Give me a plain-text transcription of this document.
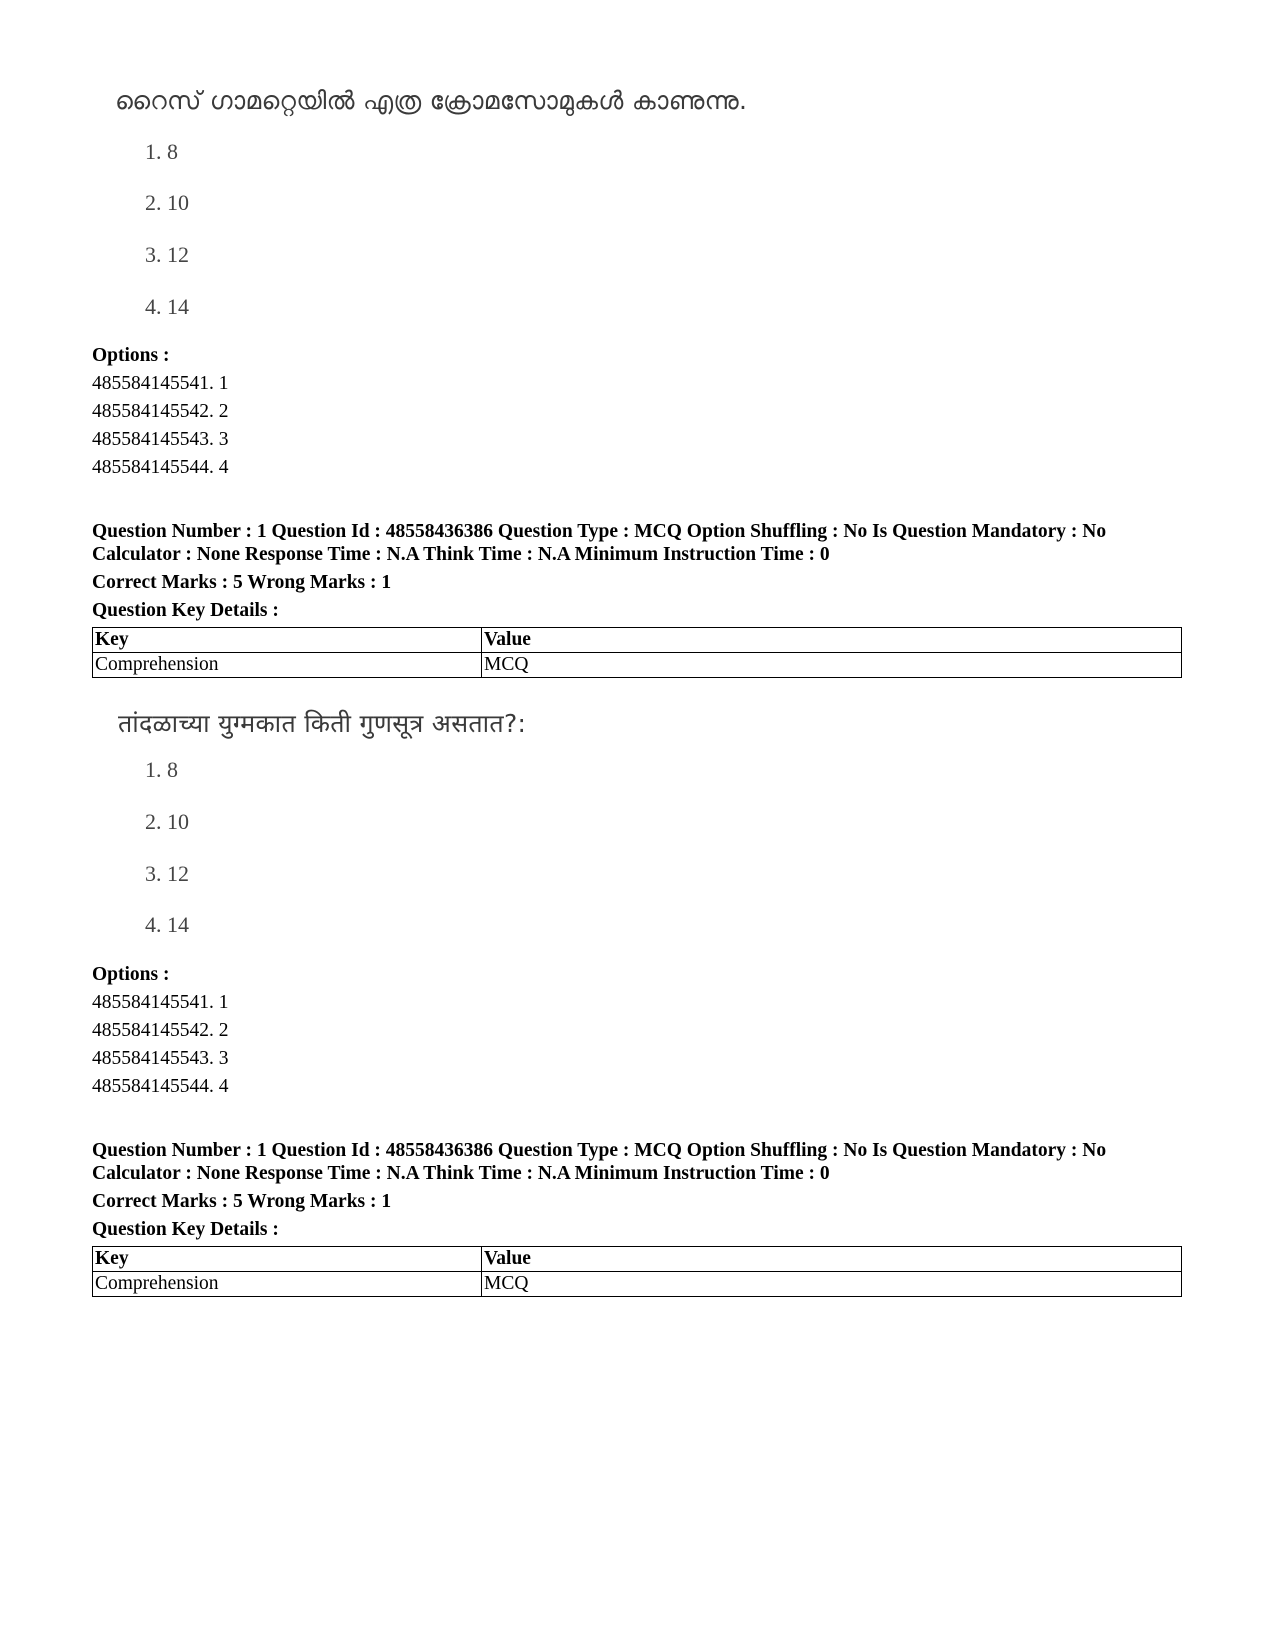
റൈസ് ഗാമറ്റെയിൽ എത്ര ക്രോമസോമുകൾ കാണുന്നു.
1. 8
2. 10
3. 12
4. 14
Options :
485584145541. 1
485584145542. 2
485584145543. 3
485584145544. 4
Question Number : 1 Question Id : 48558436386 Question Type : MCQ Option Shuffling : No Is Question Mandatory : No
Calculator : None Response Time : N.A Think Time : N.A Minimum Instruction Time : 0
Correct Marks : 5 Wrong Marks : 1
Question Key Details :
Key	Value
Comprehension	MCQ
तांदळाच्या युग्मकात किती गुणसूत्र असतात?:
1. 8
2. 10
3. 12
4. 14
Options :
485584145541. 1
485584145542. 2
485584145543. 3
485584145544. 4
Question Number : 1 Question Id : 48558436386 Question Type : MCQ Option Shuffling : No Is Question Mandatory : No
Calculator : None Response Time : N.A Think Time : N.A Minimum Instruction Time : 0
Correct Marks : 5 Wrong Marks : 1
Question Key Details :
Key	Value
Comprehension	MCQ
